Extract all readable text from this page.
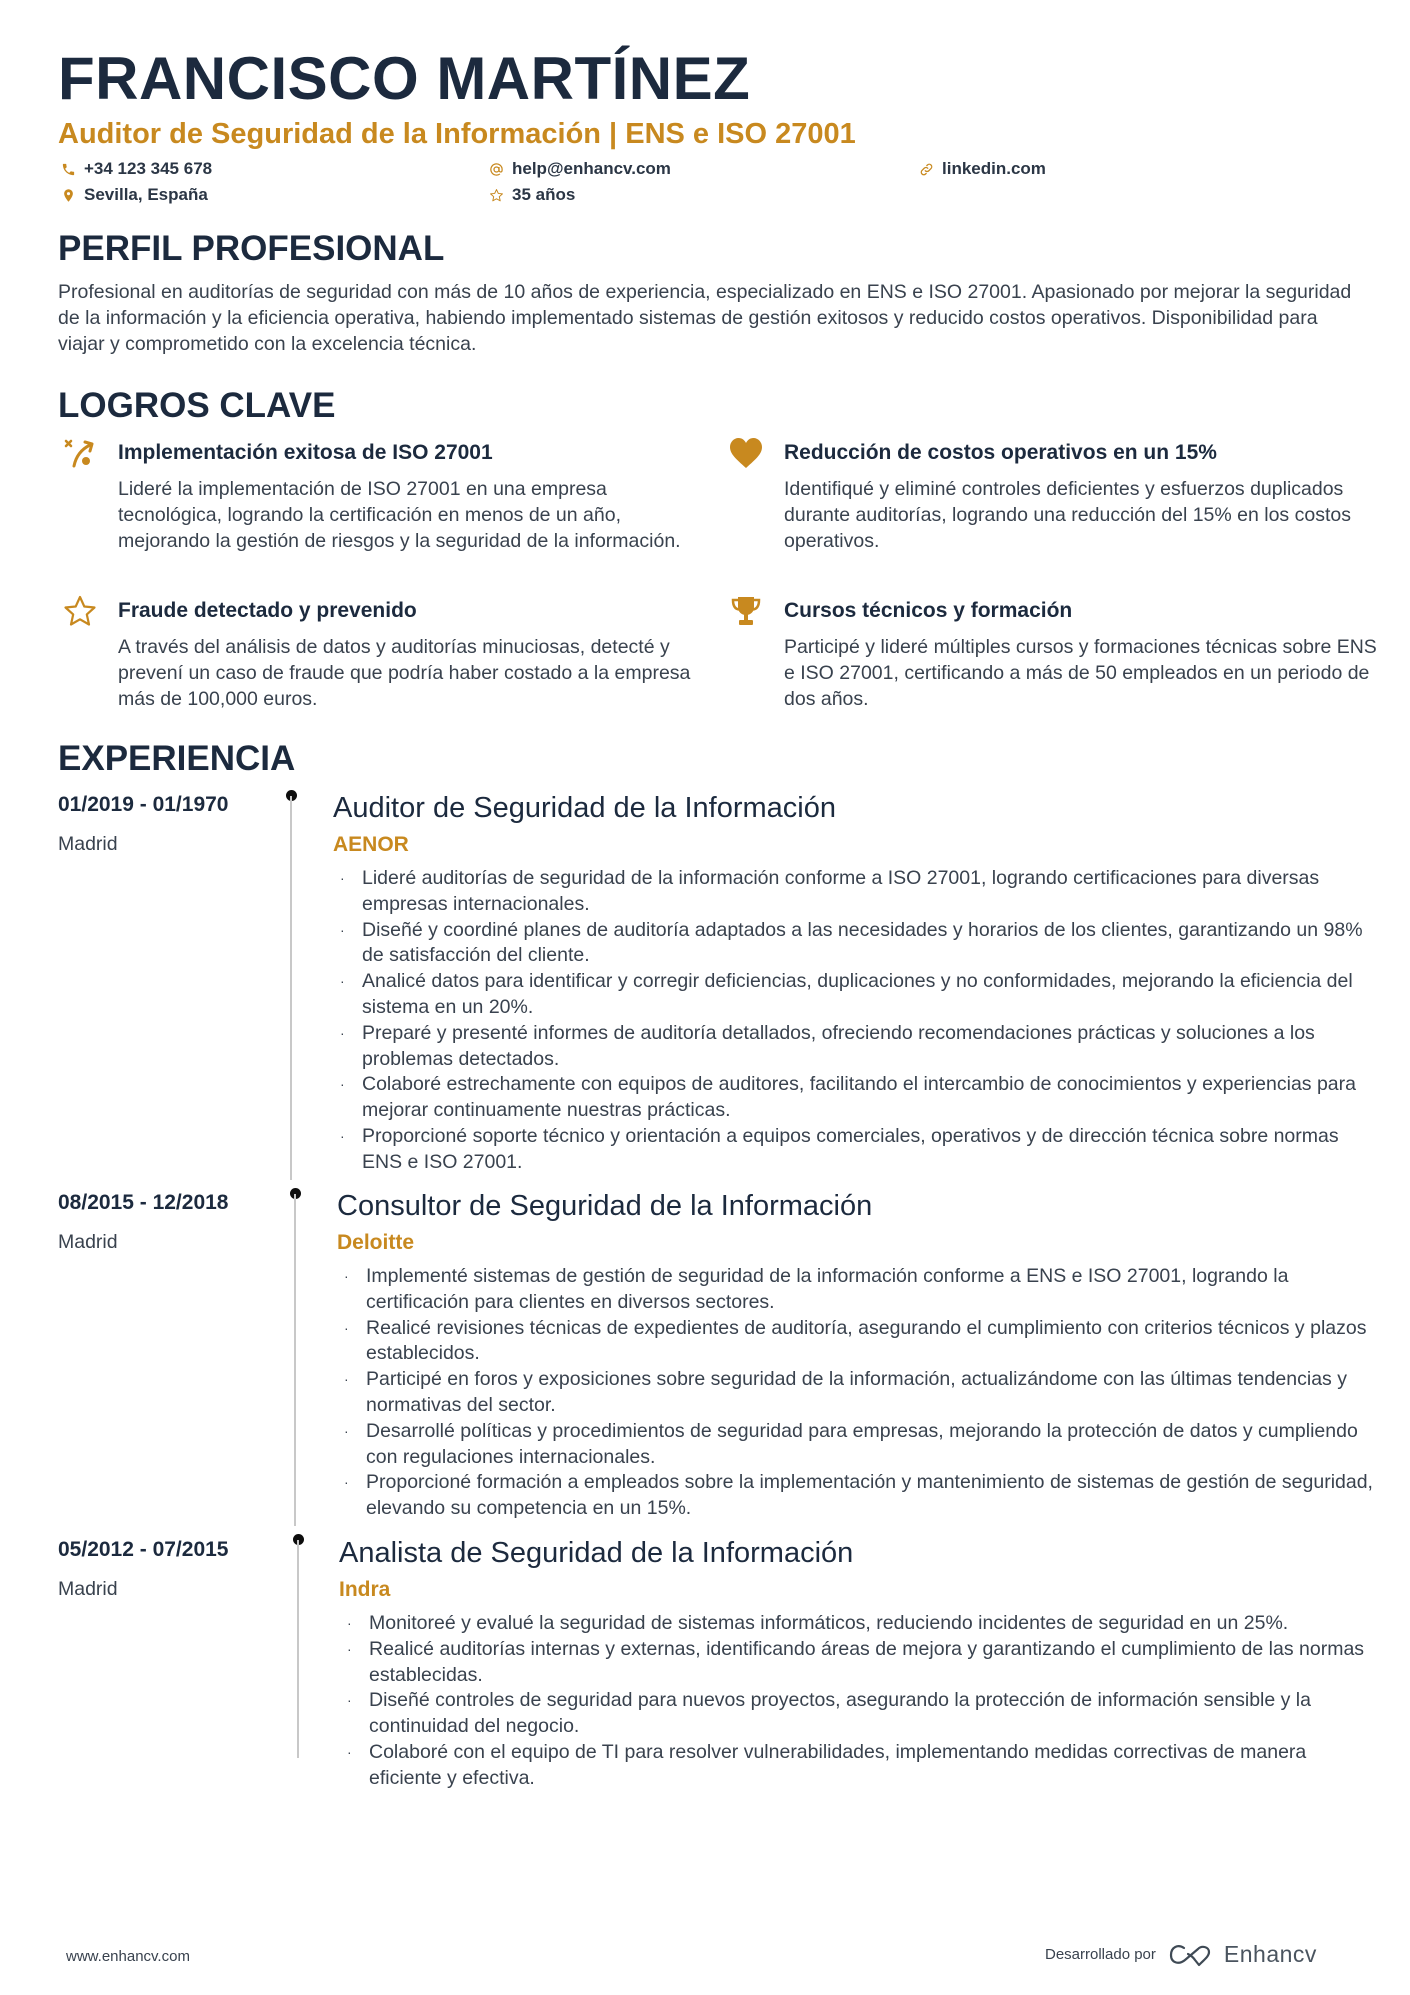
FRANCISCO MARTÍNEZ
Auditor de Seguridad de la Información | ENS e ISO 27001
+34 123 345 678	help@enhancv.com	linkedin.com
Sevilla, España	35 años
PERFIL PROFESIONAL
Profesional en auditorías de seguridad con más de 10 años de experiencia, especializado en ENS e ISO 27001. Apasionado por mejorar la seguridad de la información y la eficiencia operativa, habiendo implementado sistemas de gestión exitosos y reducido costos operativos. Disponibilidad para viajar y comprometido con la excelencia técnica.
LOGROS CLAVE
Implementación exitosa de ISO 27001
Lideré la implementación de ISO 27001 en una empresa tecnológica, logrando la certificación en menos de un año, mejorando la gestión de riesgos y la seguridad de la información.
Reducción de costos operativos en un 15%
Identifiqué y eliminé controles deficientes y esfuerzos duplicados durante auditorías, logrando una reducción del 15% en los costos operativos.
Fraude detectado y prevenido
A través del análisis de datos y auditorías minuciosas, detecté y prevení un caso de fraude que podría haber costado a la empresa más de 100,000 euros.
Cursos técnicos y formación
Participé y lideré múltiples cursos y formaciones técnicas sobre ENS e ISO 27001, certificando a más de 50 empleados en un periodo de dos años.
EXPERIENCIA
01/2019 - 01/1970
Madrid
Auditor de Seguridad de la Información
AENOR
· Lideré auditorías de seguridad de la información conforme a ISO 27001, logrando certificaciones para diversas empresas internacionales.
· Diseñé y coordiné planes de auditoría adaptados a las necesidades y horarios de los clientes, garantizando un 98% de satisfacción del cliente.
· Analicé datos para identificar y corregir deficiencias, duplicaciones y no conformidades, mejorando la eficiencia del sistema en un 20%.
· Preparé y presenté informes de auditoría detallados, ofreciendo recomendaciones prácticas y soluciones a los problemas detectados.
· Colaboré estrechamente con equipos de auditores, facilitando el intercambio de conocimientos y experiencias para mejorar continuamente nuestras prácticas.
· Proporcioné soporte técnico y orientación a equipos comerciales, operativos y de dirección técnica sobre normas ENS e ISO 27001.
08/2015 - 12/2018
Madrid
Consultor de Seguridad de la Información
Deloitte
· Implementé sistemas de gestión de seguridad de la información conforme a ENS e ISO 27001, logrando la certificación para clientes en diversos sectores.
· Realicé revisiones técnicas de expedientes de auditoría, asegurando el cumplimiento con criterios técnicos y plazos establecidos.
· Participé en foros y exposiciones sobre seguridad de la información, actualizándome con las últimas tendencias y normativas del sector.
· Desarrollé políticas y procedimientos de seguridad para empresas, mejorando la protección de datos y cumpliendo con regulaciones internacionales.
· Proporcioné formación a empleados sobre la implementación y mantenimiento de sistemas de gestión de seguridad, elevando su competencia en un 15%.
05/2012 - 07/2015
Madrid
Analista de Seguridad de la Información
Indra
· Monitoreé y evalué la seguridad de sistemas informáticos, reduciendo incidentes de seguridad en un 25%.
· Realicé auditorías internas y externas, identificando áreas de mejora y garantizando el cumplimiento de las normas establecidas.
· Diseñé controles de seguridad para nuevos proyectos, asegurando la protección de información sensible y la continuidad del negocio.
· Colaboré con el equipo de TI para resolver vulnerabilidades, implementando medidas correctivas de manera eficiente y efectiva.
www.enhancv.com	Desarrollado por	Enhancv
